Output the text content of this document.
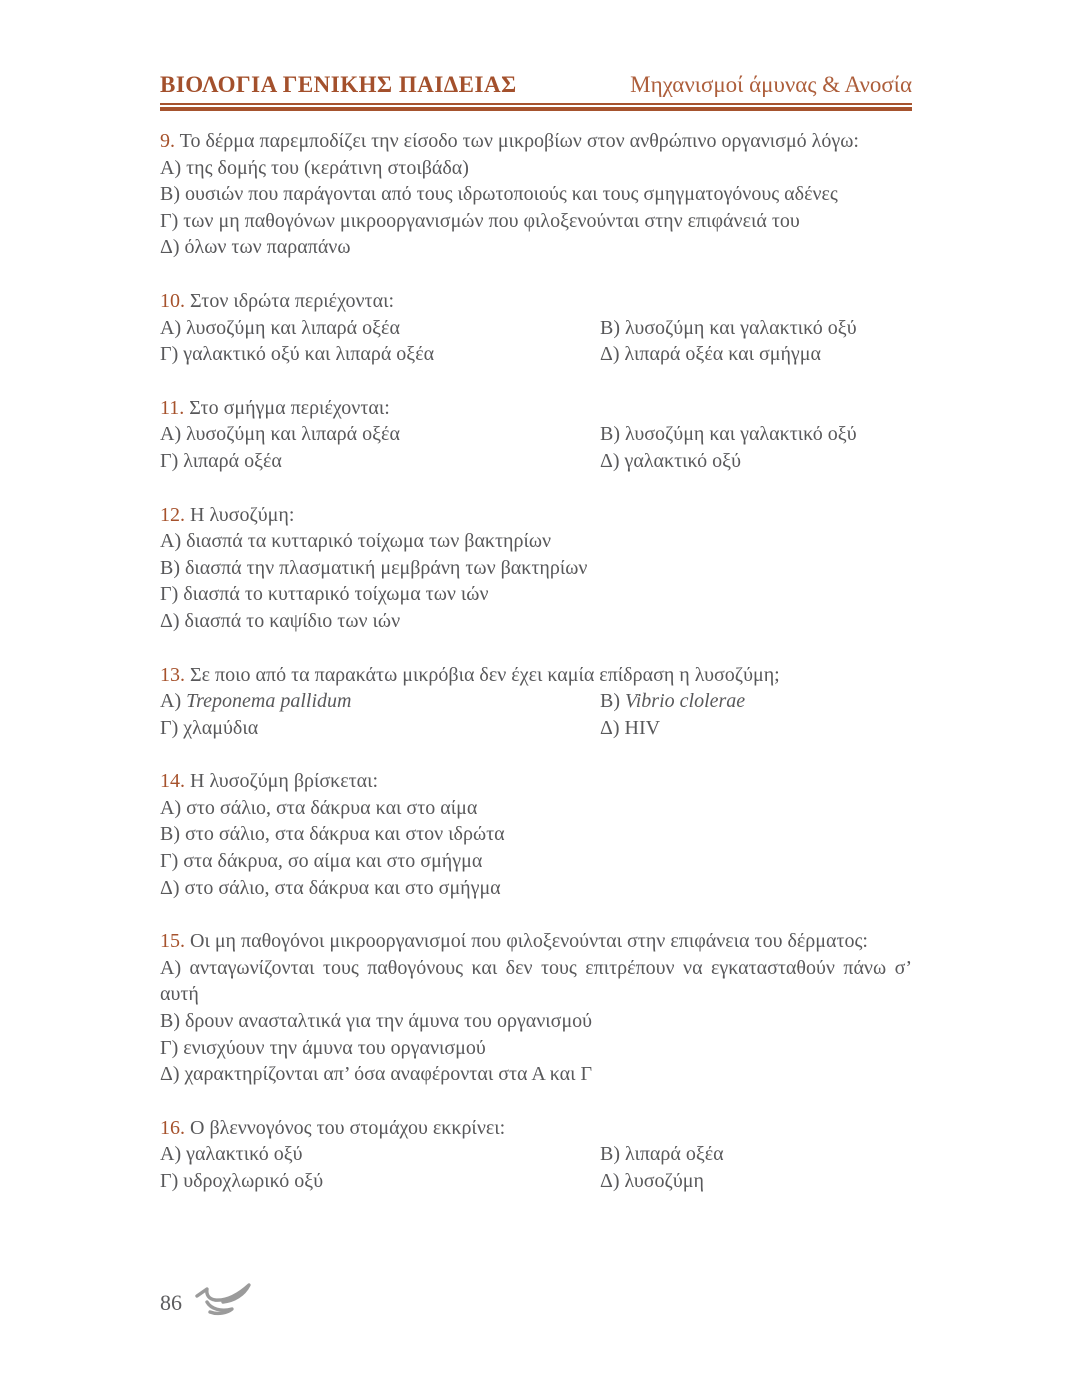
ΒΙΟΛΟΓΙΑ ΓΕΝΙΚΗΣ ΠΑΙΔΕΙΑΣ	Μηχανισμοί άμυνας & Ανοσία

9. Το δέρμα παρεμποδίζει την είσοδο των μικροβίων στον ανθρώπινο οργανισμό λόγω:

Α) της δομής του (κεράτινη στοιβάδα)

Β) ουσιών που παράγονται από τους ιδρωτοποιούς και τους σμηγματογόνους αδένες

Γ) των μη παθογόνων μικροοργανισμών που φιλοξενούνται στην επιφάνειά του

Δ) όλων των παραπάνω

10. Στον ιδρώτα περιέχονται:

Α) λυσοζύμη και λιπαρά οξέα	Β) λυσοζύμη και γαλακτικό οξύ

Γ) γαλακτικό οξύ και λιπαρά οξέα	Δ) λιπαρά οξέα και σμήγμα

11. Στο σμήγμα περιέχονται:

Α) λυσοζύμη και λιπαρά οξέα	Β) λυσοζύμη και γαλακτικό οξύ

Γ) λιπαρά οξέα	Δ) γαλακτικό οξύ

12. Η λυσοζύμη:

Α) διασπά τα κυτταρικό τοίχωμα των βακτηρίων

Β) διασπά την πλασματική μεμβράνη των βακτηρίων

Γ) διασπά το κυτταρικό τοίχωμα των ιών

Δ) διασπά το καψίδιο των ιών

13. Σε ποιο από τα παρακάτω μικρόβια δεν έχει καμία επίδραση η λυσοζύμη;

Α) Treponema pallidum	Β) Vibrio clolerae

Γ) χλαμύδια	Δ) HIV

14. Η λυσοζύμη βρίσκεται:

Α) στο σάλιο, στα δάκρυα και στο αίμα

Β) στο σάλιο, στα δάκρυα και στον ιδρώτα

Γ) στα δάκρυα, σο αίμα και στο σμήγμα

Δ) στο σάλιο, στα δάκρυα και στο σμήγμα

15. Οι μη παθογόνοι μικροοργανισμοί που φιλοξενούνται στην επιφάνεια του δέρματος:

Α) ανταγωνίζονται τους παθογόνους και δεν τους επιτρέπουν να εγκατασταθούν πάνω σ’ αυτή

Β) δρουν ανασταλτικά για την άμυνα του οργανισμού

Γ) ενισχύουν την άμυνα του οργανισμού

Δ) χαρακτηρίζονται απ’ όσα αναφέρονται στα Α και Γ

16. Ο βλεννογόνος του στομάχου εκκρίνει:

Α) γαλακτικό οξύ	Β) λιπαρά οξέα

Γ) υδροχλωρικό οξύ	Δ) λυσοζύμη

86
